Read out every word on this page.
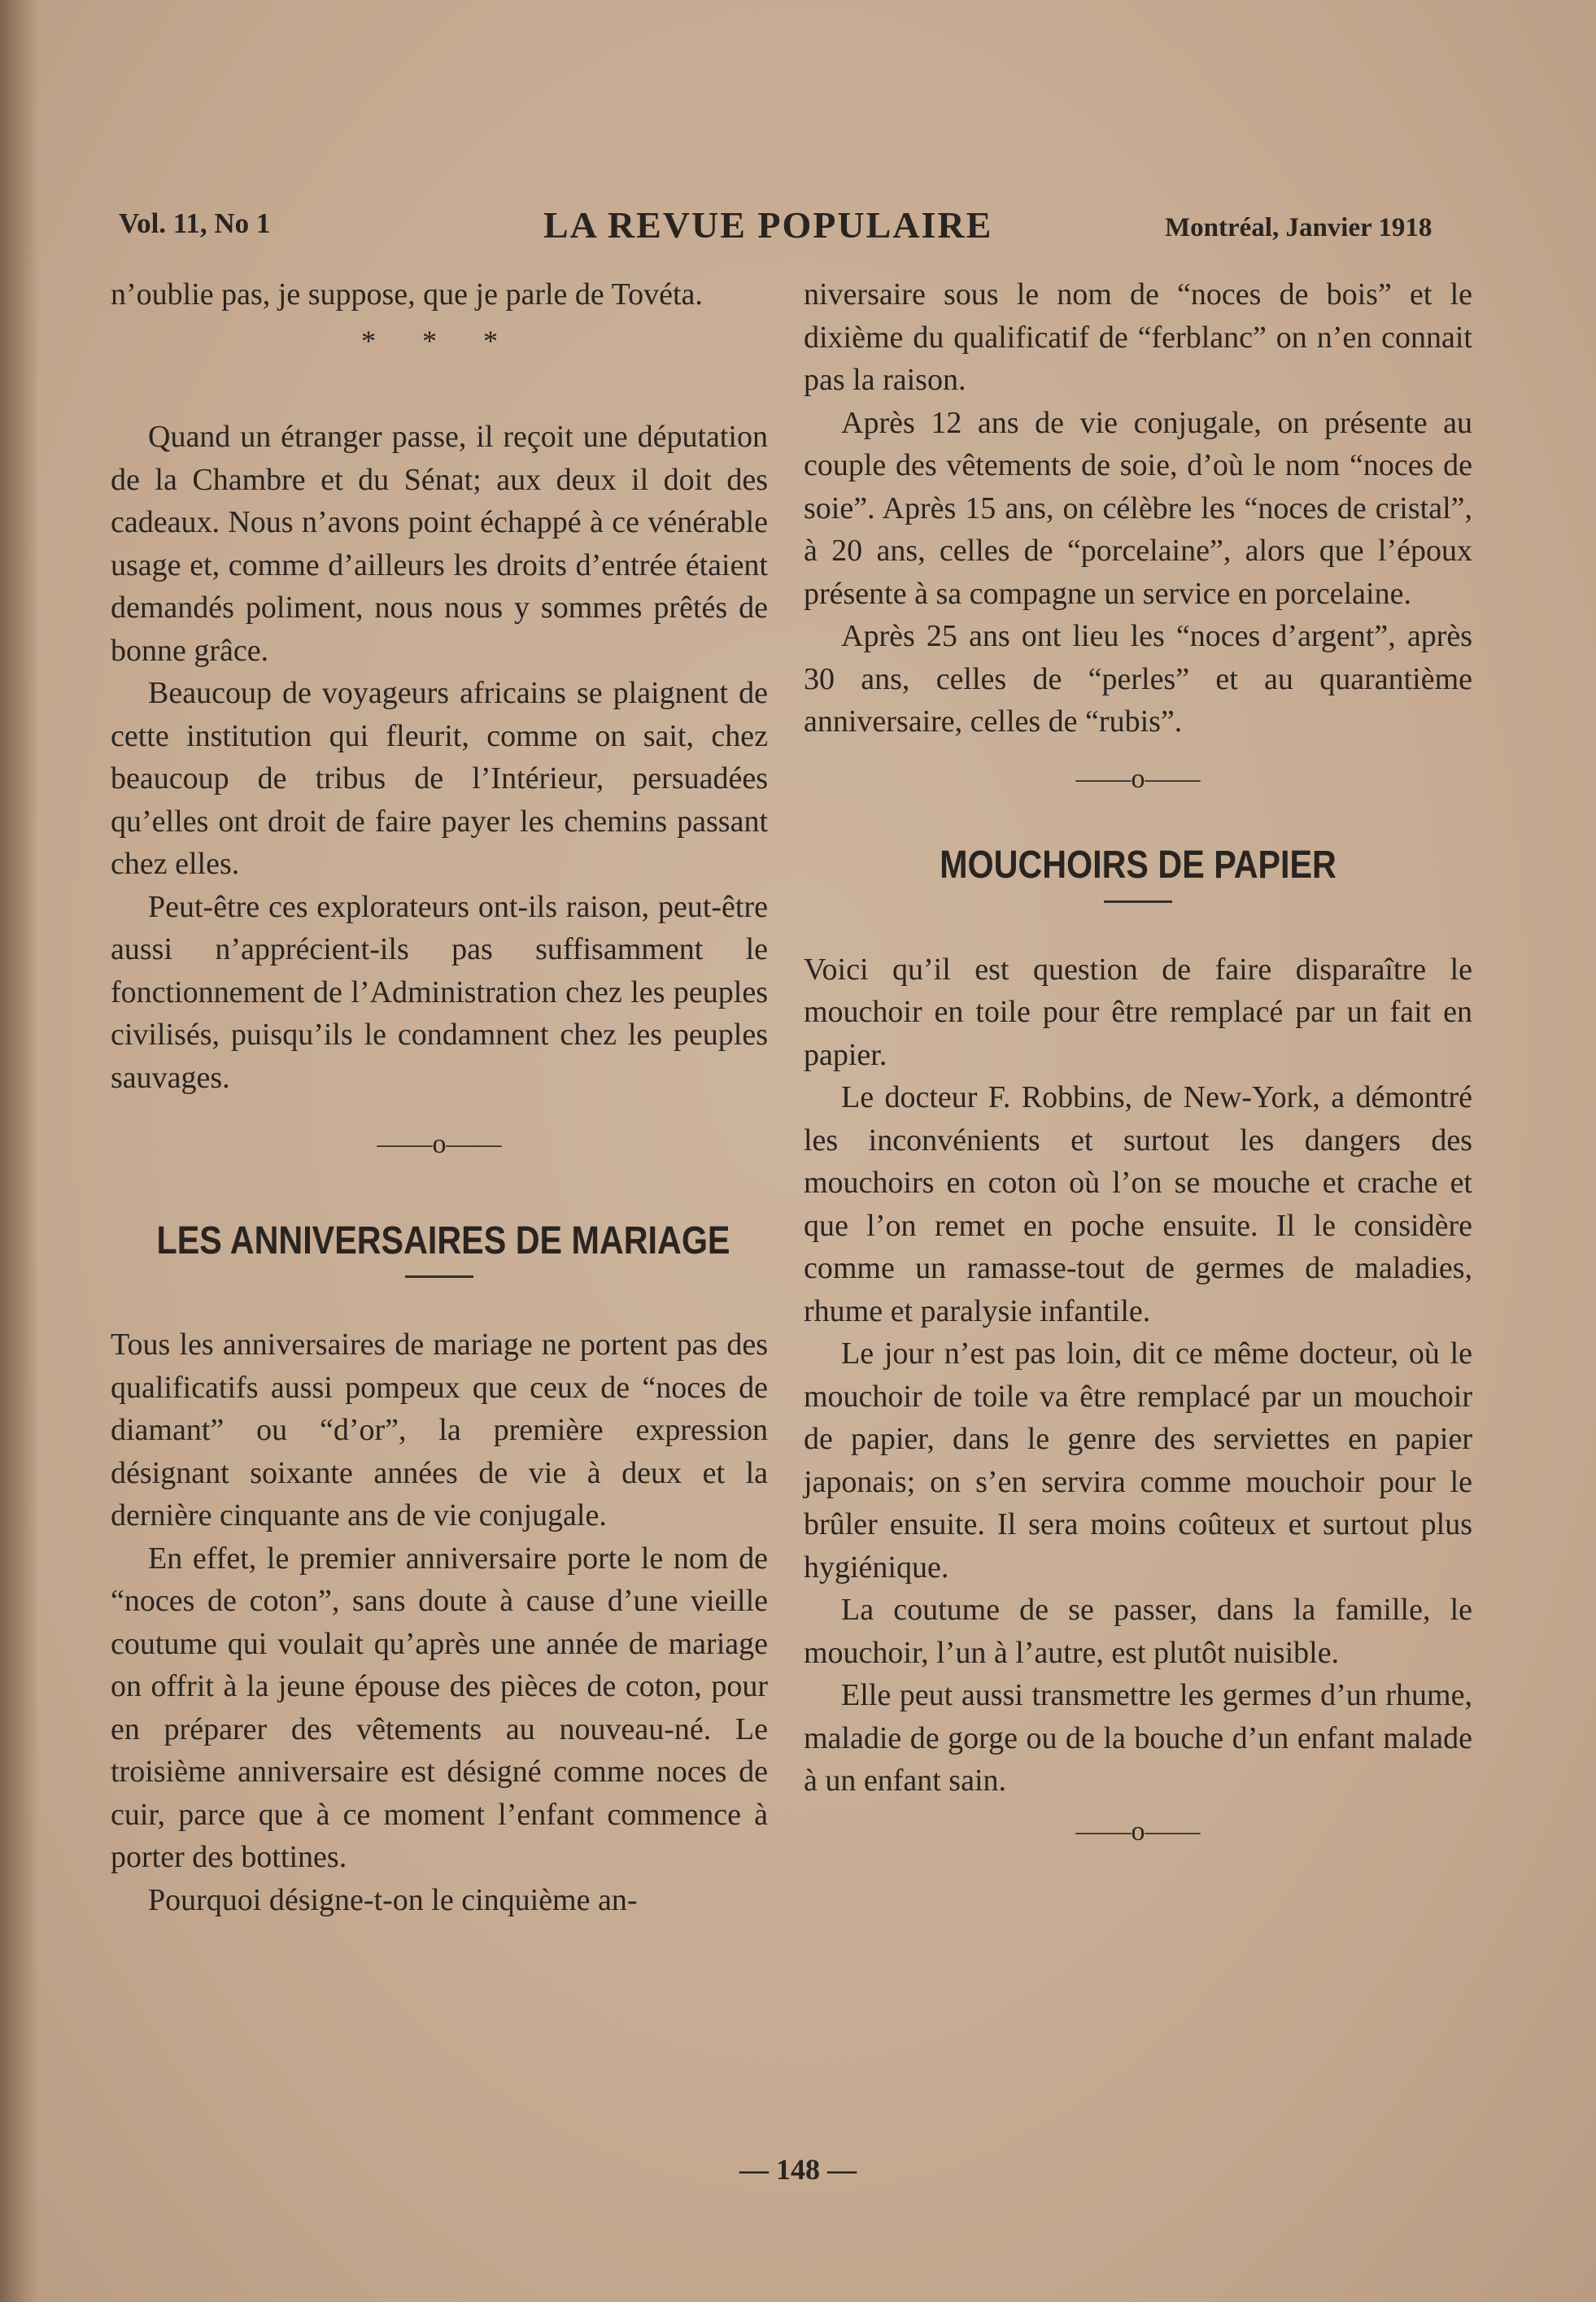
Vol. 11, No 1	LA REVUE POPULAIRE	Montréal, Janvier 1918

n’oublie pas, je suppose, que je parle de Tovéta.

* * *

Quand un étranger passe, il reçoit une députation de la Chambre et du Sénat; aux deux il doit des cadeaux. Nous n’avons point échappé à ce vénérable usage et, comme d’ailleurs les droits d’entrée étaient demandés poliment, nous nous y sommes prêtés de bonne grâce.

Beaucoup de voyageurs africains se plaignent de cette institution qui fleurit, comme on sait, chez beaucoup de tribus de l’Intérieur, persuadées qu’elles ont droit de faire payer les chemins passant chez elles.

Peut-être ces explorateurs ont-ils raison, peut-être aussi n’apprécient-ils pas suffisamment le fonctionnement de l’Administration chez les peuples civilisés, puisqu’ils le condamnent chez les peuples sauvages.

——o——
LES ANNIVERSAIRES DE MARIAGE

Tous les anniversaires de mariage ne portent pas des qualificatifs aussi pompeux que ceux de “noces de diamant” ou “d’or”, la première expression désignant soixante années de vie à deux et la dernière cinquante ans de vie conjugale.

En effet, le premier anniversaire porte le nom de “noces de coton”, sans doute à cause d’une vieille coutume qui voulait qu’après une année de mariage on offrit à la jeune épouse des pièces de coton, pour en préparer des vêtements au nouveau-né. Le troisième anniversaire est désigné comme noces de cuir, parce que à ce moment l’enfant commence à porter des bottines.

Pourquoi désigne-t-on le cinquième an-

niversaire sous le nom de “noces de bois” et le dixième du qualificatif de “ferblanc” on n’en connait pas la raison.

Après 12 ans de vie conjugale, on présente au couple des vêtements de soie, d’où le nom “noces de soie”. Après 15 ans, on célèbre les “noces de cristal”, à 20 ans, celles de “porcelaine”, alors que l’époux présente à sa compagne un service en porcelaine.

Après 25 ans ont lieu les “noces d’argent”, après 30 ans, celles de “perles” et au quarantième anniversaire, celles de “rubis”.

——o——
MOUCHOIRS DE PAPIER

Voici qu’il est question de faire disparaître le mouchoir en toile pour être remplacé par un fait en papier.

Le docteur F. Robbins, de New-York, a démontré les inconvénients et surtout les dangers des mouchoirs en coton où l’on se mouche et crache et que l’on remet en poche ensuite. Il le considère comme un ramasse-tout de germes de maladies, rhume et paralysie infantile.

Le jour n’est pas loin, dit ce même docteur, où le mouchoir de toile va être remplacé par un mouchoir de papier, dans le genre des serviettes en papier japonais; on s’en servira comme mouchoir pour le brûler ensuite. Il sera moins coûteux et surtout plus hygiénique.

La coutume de se passer, dans la famille, le mouchoir, l’un à l’autre, est plutôt nuisible.

Elle peut aussi transmettre les germes d’un rhume, maladie de gorge ou de la bouche d’un enfant malade à un enfant sain.

——o——
— 148 —
